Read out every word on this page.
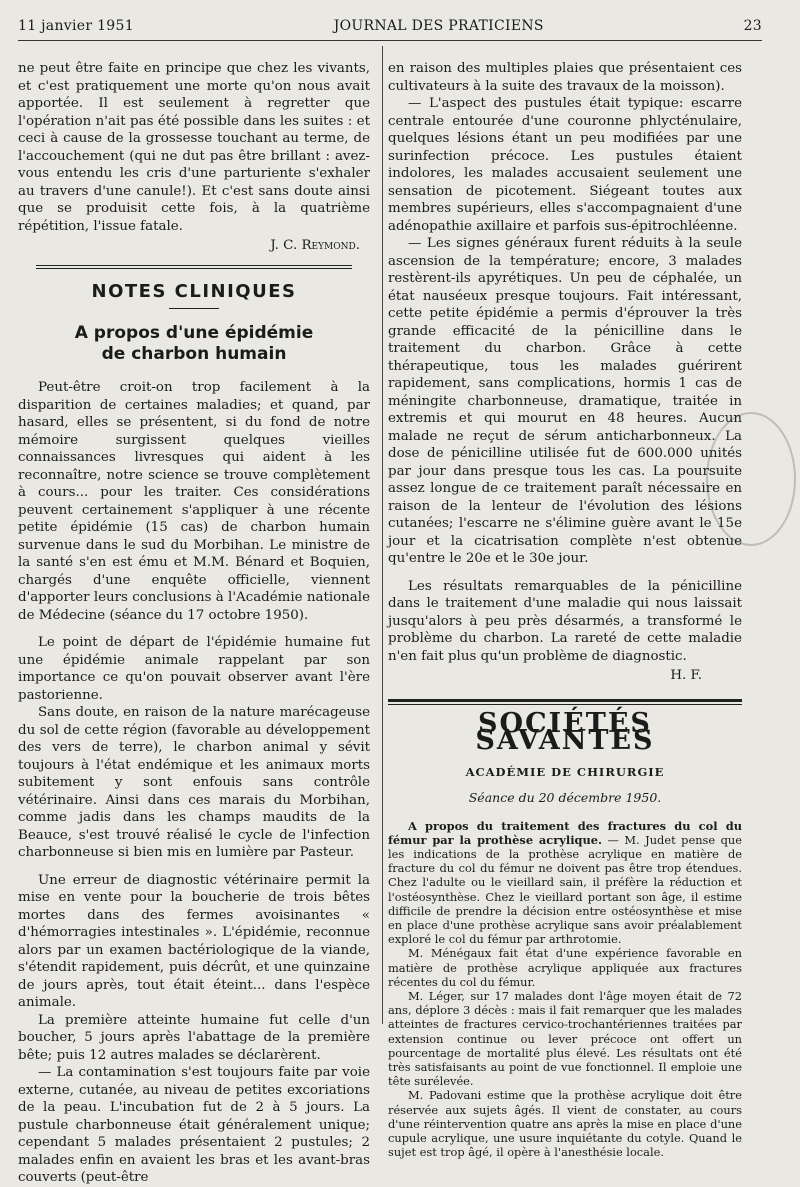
11 janvier 1951	JOURNAL DES PRATICIENS	23

ne peut être faite en principe que chez les vivants, et c'est pratiquement une morte qu'on nous avait apportée. Il est seulement à regretter que l'opération n'ait pas été possible dans les suites : et ceci à cause de la grossesse touchant au terme, de l'accouchement (qui ne dut pas être brillant : avez-vous entendu les cris d'une parturiente s'exhaler au travers d'une canule!). Et c'est sans doute ainsi que se produisit cette fois, à la quatrième répétition, l'issue fatale.

J. C. Reymond.

NOTES CLINIQUES
A propos d'une épidémie
de charbon humain

Peut-être croit-on trop facilement à la disparition de certaines maladies; et quand, par hasard, elles se présentent, si du fond de notre mémoire surgissent quelques vieilles connaissances livresques qui aident à les reconnaître, notre science se trouve complètement à cours... pour les traiter. Ces considérations peuvent certainement s'appliquer à une récente petite épidémie (15 cas) de charbon humain survenue dans le sud du Morbihan. Le ministre de la santé s'en est ému et M.M. Bénard et Boquien, chargés d'une enquête officielle, viennent d'apporter leurs conclusions à l'Académie nationale de Médecine (séance du 17 octobre 1950).

Le point de départ de l'épidémie humaine fut une épidémie animale rappelant par son importance ce qu'on pouvait observer avant l'ère pastorienne.

Sans doute, en raison de la nature marécageuse du sol de cette région (favorable au développement des vers de terre), le charbon animal y sévit toujours à l'état endémique et les animaux morts subitement y sont enfouis sans contrôle vétérinaire. Ainsi dans ces marais du Morbihan, comme jadis dans les champs maudits de la Beauce, s'est trouvé réalisé le cycle de l'infection charbonneuse si bien mis en lumière par Pasteur.

Une erreur de diagnostic vétérinaire permit la mise en vente pour la boucherie de trois bêtes mortes dans des fermes avoisinantes « d'hémorragies intestinales ». L'épidémie, reconnue alors par un examen bactériologique de la viande, s'étendit rapidement, puis décrût, et une quinzaine de jours après, tout était éteint... dans l'espèce animale.

La première atteinte humaine fut celle d'un boucher, 5 jours après l'abattage de la première bête; puis 12 autres malades se déclarèrent.

— La contamination s'est toujours faite par voie externe, cutanée, au niveau de petites excoriations de la peau. L'incubation fut de 2 à 5 jours. La pustule charbonneuse était généralement unique; cependant 5 malades présentaient 2 pustules; 2 malades enfin en avaient les bras et les avant-bras couverts (peut-être

en raison des multiples plaies que présentaient ces cultivateurs à la suite des travaux de la moisson).

— L'aspect des pustules était typique: escarre centrale entourée d'une couronne phlycténulaire, quelques lésions étant un peu modifiées par une surinfection précoce. Les pustules étaient indolores, les malades accusaient seulement une sensation de picotement. Siégeant toutes aux membres supérieurs, elles s'accompagnaient d'une adénopathie axillaire et parfois sus-épitrochléenne.

— Les signes généraux furent réduits à la seule ascension de la température; encore, 3 malades restèrent-ils apyrétiques. Un peu de céphalée, un état nauséeux presque toujours. Fait intéressant, cette petite épidémie a permis d'éprouver la très grande efficacité de la pénicilline dans le traitement du charbon. Grâce à cette thérapeutique, tous les malades guérirent rapidement, sans complications, hormis 1 cas de méningite charbonneuse, dramatique, traitée in extremis et qui mourut en 48 heures. Aucun malade ne reçut de sérum anticharbonneux. La dose de pénicilline utilisée fut de 600.000 unités par jour dans presque tous les cas. La poursuite assez longue de ce traitement paraît nécessaire en raison de la lenteur de l'évolution des lésions cutanées; l'escarre ne s'élimine guère avant le 15e jour et la cicatrisation complète n'est obtenue qu'entre le 20e et le 30e jour.

Les résultats remarquables de la pénicilline dans le traitement d'une maladie qui nous laissait jusqu'alors à peu près désarmés, a transformé le problème du charbon. La rareté de cette maladie n'en fait plus qu'un problème de diagnostic.

H. F.

SOCIÉTÉS SAVANTES
ACADÉMIE DE CHIRURGIE
Séance du 20 décembre 1950.

A propos du traitement des fractures du col du fémur par la prothèse acrylique. — M. Judet pense que les indications de la prothèse acrylique en matière de fracture du col du fémur ne doivent pas être trop étendues. Chez l'adulte ou le vieillard sain, il préfère la réduction et l'ostéosynthèse. Chez le vieillard portant son âge, il estime difficile de prendre la décision entre ostéosynthèse et mise en place d'une prothèse acrylique sans avoir préalablement exploré le col du fémur par arthrotomie.

M. Ménégaux fait état d'une expérience favorable en matière de prothèse acrylique appliquée aux fractures récentes du col du fémur.

M. Léger, sur 17 malades dont l'âge moyen était de 72 ans, déplore 3 décès : mais il fait remarquer que les malades atteintes de fractures cervico-trochantériennes traitées par extension continue ou lever précoce ont offert un pourcentage de mortalité plus élevé. Les résultats ont été très satisfaisants au point de vue fonctionnel. Il emploie une tête surélevée.

M. Padovani estime que la prothèse acrylique doit être réservée aux sujets âgés. Il vient de constater, au cours d'une réintervention quatre ans après la mise en place d'une cupule acrylique, une usure inquiétante du cotyle. Quand le sujet est trop âgé, il opère à l'anesthésie locale.
